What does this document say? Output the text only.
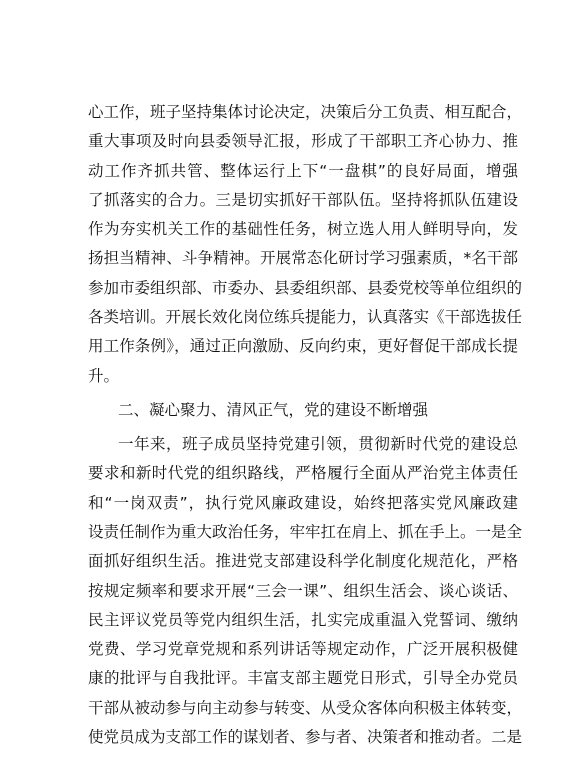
心工作，班子坚持集体讨论决定，决策后分工负责、相互配合，
重大事项及时向县委领导汇报，形成了干部职工齐心协力、推
动工作齐抓共管、整体运行上下“一盘棋”的良好局面，增强
了抓落实的合力。三是切实抓好干部队伍。坚持将抓队伍建设
作为夯实机关工作的基础性任务，树立选人用人鲜明导向，发
扬担当精神、斗争精神。开展常态化研讨学习强素质，*名干部
参加市委组织部、市委办、县委组织部、县委党校等单位组织的
各类培训。开展长效化岗位练兵提能力，认真落实《干部选拔任
用工作条例》，通过正向激励、反向约束，更好督促干部成长提
升。
二、凝心聚力、清风正气，党的建设不断增强
一年来，班子成员坚持党建引领，贯彻新时代党的建设总
要求和新时代党的组织路线，严格履行全面从严治党主体责任
和“一岗双责”，执行党风廉政建设，始终把落实党风廉政建
设责任制作为重大政治任务，牢牢扛在肩上、抓在手上。一是全
面抓好组织生活。推进党支部建设科学化制度化规范化，严格
按规定频率和要求开展“三会一课”、组织生活会、谈心谈话、
民主评议党员等党内组织生活，扎实完成重温入党誓词、缴纳
党费、学习党章党规和系列讲话等规定动作，广泛开展积极健
康的批评与自我批评。丰富支部主题党日形式，引导全办党员
干部从被动参与向主动参与转变、从受众客体向积极主体转变，
使党员成为支部工作的谋划者、参与者、决策者和推动者。二是
